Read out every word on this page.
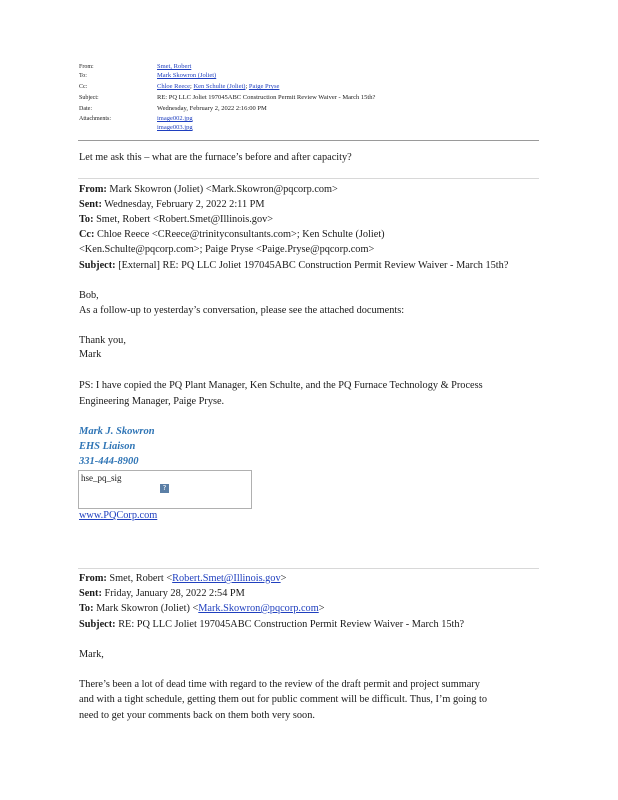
From:	Smet, Robert
To:	Mark Skowron (Joliet)
Cc:	Chloe Reece; Ken Schulte (Joliet); Paige Pryse
Subject:	RE: PQ LLC Joliet 197045ABC Construction Permit Review Waiver - March 15th?
Date:	Wednesday, February 2, 2022 2:16:00 PM
Attachments:	image002.jpg
image003.jpg
Let me ask this – what are the furnace’s before and after capacity?
From: Mark Skowron (Joliet) <Mark.Skowron@pqcorp.com>
Sent: Wednesday, February 2, 2022 2:11 PM
To: Smet, Robert <Robert.Smet@Illinois.gov>
Cc: Chloe Reece <CReece@trinityconsultants.com>; Ken Schulte (Joliet)
<Ken.Schulte@pqcorp.com>; Paige Pryse <Paige.Pryse@pqcorp.com>
Subject: [External] RE: PQ LLC Joliet 197045ABC Construction Permit Review Waiver - March 15th?
Bob,
As a follow-up to yesterday’s conversation, please see the attached documents:
Thank you,
Mark
PS: I have copied the PQ Plant Manager, Ken Schulte, and the PQ Furnace Technology & Process
Engineering Manager, Paige Pryse.
Mark J. Skowron
EHS Liaison
331-444-8900
hse_pq_sig
?
www.PQCorp.com
From: Smet, Robert <Robert.Smet@Illinois.gov>
Sent: Friday, January 28, 2022 2:54 PM
To: Mark Skowron (Joliet) <Mark.Skowron@pqcorp.com>
Subject: RE: PQ LLC Joliet 197045ABC Construction Permit Review Waiver - March 15th?
Mark,
There’s been a lot of dead time with regard to the review of the draft permit and project summary
and with a tight schedule, getting them out for public comment will be difficult. Thus, I’m going to
need to get your comments back on them both very soon.
